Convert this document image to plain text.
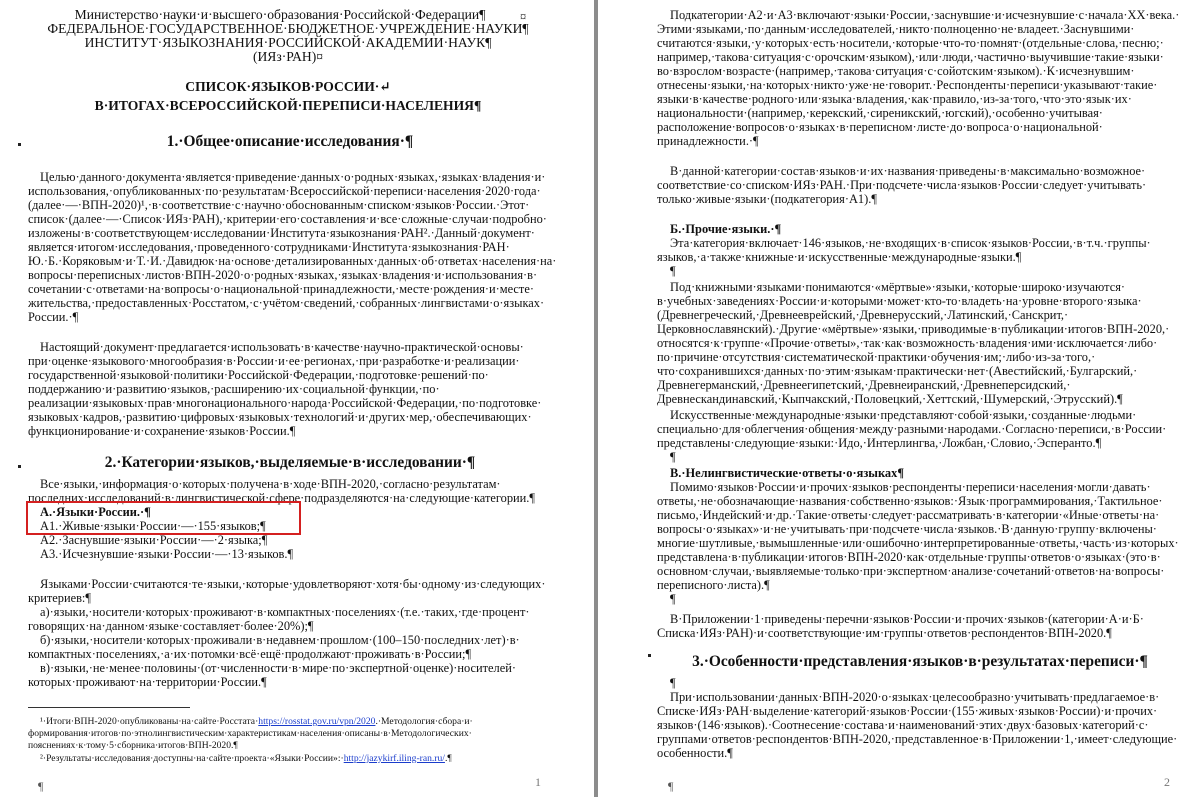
Министерство·науки·и·высшего·образования·Российской·Федерации¶	¤
ФЕДЕРАЛЬНОЕ·ГОСУДАРСТВЕННОЕ·БЮДЖЕТНОЕ·УЧРЕЖДЕНИЕ·НАУКИ¶
ИНСТИТУТ·ЯЗЫКОЗНАНИЯ·РОССИЙСКОЙ·АКАДЕМИИ·НАУК¶
(ИЯз·РАН)¤
СПИСОК·ЯЗЫКОВ·РОССИИ·↵
В·ИТОГАХ·ВСЕРОССИЙСКОЙ·ПЕРЕПИСИ·НАСЕЛЕНИЯ¶
1.·Общее·описание·исследования·¶
Целью·данного·документа·является·приведение·данных·о·родных·языках,·языках·владения·и·
использования,·опубликованных·по·результатам·Всероссийской·переписи·населения·2020·года·
(далее·—·ВПН-2020)¹,·в·соответствие·с·научно·обоснованным·списком·языков·России.·Этот·
список·(далее·—·Список·ИЯз·РАН),·критерии·его·составления·и·все·сложные·случаи·подробно·
изложены·в·соответствующем·исследовании·Института·языкознания·РАН².·Данный·документ·
является·итогом·исследования,·проведенного·сотрудниками·Института·языкознания·РАН·
Ю.·Б.·Коряковым·и·Т.·И.·Давидюк·на·основе·детализированных·данных·об·ответах·населения·на·
вопросы·переписных·листов·ВПН-2020·о·родных·языках,·языках·владения·и·использования·в·
сочетании·с·ответами·на·вопросы·о·национальной·принадлежности,·месте·рождения·и·месте·
жительства,·предоставленных·Росстатом,·с·учётом·сведений,·собранных·лингвистами·о·языках·
России.·¶
Настоящий·документ·предлагается·использовать·в·качестве·научно-практической·основы·
при·оценке·языкового·многообразия·в·России·и·ее·регионах,·при·разработке·и·реализации·
государственной·языковой·политики·Российской·Федерации,·подготовке·решений·по·
поддержанию·и·развитию·языков,·расширению·их·социальной·функции,·по·
реализации·языковых·прав·многонационального·народа·Российской·Федерации,·по·подготовке·
языковых·кадров,·развитию·цифровых·языковых·технологий·и·других·мер,·обеспечивающих·
функционирование·и·сохранение·языков·России.¶
2.·Категории·языков,·выделяемые·в·исследовании·¶
Все·языки,·информация·о·которых·получена·в·ходе·ВПН-2020,·согласно·результатам·
последних·исследований·в·лингвистической·сфере·подразделяются·на·следующие·категории.¶
А.·Языки·России.·¶
А1.·Живые·языки·России·—·155·языков;¶
А2.·Заснувшие·языки·России·—·2·языка;¶
А3.·Исчезнувшие·языки·России·—·13·языков.¶
Языками·России·считаются·те·языки,·которые·удовлетворяют·хотя·бы·одному·из·следующих·
критериев:¶
а)·языки,·носители·которых·проживают·в·компактных·поселениях·(т.е.·таких,·где·процент·
говорящих·на·данном·языке·составляет·более·20%);¶
б)·языки,·носители·которых·проживали·в·недавнем·прошлом·(100–150·последних·лет)·в·
компактных·поселениях,·а·их·потомки·всё·ещё·продолжают·проживать·в·России;¶
в)·языки,·не·менее·половины·(от·численности·в·мире·по·экспертной·оценке)·носителей·
которых·проживают·на·территории·России.¶
¹·Итоги·ВПН-2020·опубликованы·на·сайте·Росстата·https://rosstat.gov.ru/vpn/2020.·Методология·сбора·и·
формирования·итогов·по·этнолингвистическим·характеристикам·населения·описаны·в·Методологических·
пояснениях·к·тому·5·сборника·итогов·ВПН-2020.¶
²·Результаты·исследования·доступны·на·сайте·проекта·«Языки·России»:·http://jazykirf.iling-ran.ru/.¶
1
¶
Подкатегории·А2·и·А3·включают·языки·России,·заснувшие·и·исчезнувшие·с·начала·XX·века.·
Этими·языками,·по·данным·исследователей,·никто·полноценно·не·владеет.·Заснувшими·
считаются·языки,·у·которых·есть·носители,·которые·что-то·помнят·(отдельные·слова,·песню;·
например,·такова·ситуация·с·орочским·языком),·или·люди,·частично·выучившие·такие·языки·
во·взрослом·возрасте·(например,·такова·ситуация·с·сойотским·языком).·К·исчезнувшим·
отнесены·языки,·на·которых·никто·уже·не·говорит.·Респонденты·переписи·указывают·такие·
языки·в·качестве·родного·или·языка·владения,·как·правило,·из-за·того,·что·это·язык·их·
национальности·(например,·керекский,·сиреникский,·югский),·особенно·учитывая·
расположение·вопросов·о·языках·в·переписном·листе·до·вопроса·о·национальной·
принадлежности.·¶
В·данной·категории·состав·языков·и·их·названия·приведены·в·максимально·возможное·
соответствие·со·списком·ИЯз·РАН.·При·подсчете·числа·языков·России·следует·учитывать·
только·живые·языки·(подкатегория·А1).¶
Б.·Прочие·языки.·¶
Эта·категория·включает·146·языков,·не·входящих·в·список·языков·России,·в·т.ч.·группы·
языков,·а·также·книжные·и·искусственные·международные·языки.¶
¶
Под·книжными·языками·понимаются·«мёртвые»·языки,·которые·широко·изучаются·
в·учебных·заведениях·России·и·которыми·может·кто-то·владеть·на·уровне·второго·языка·
(Древнегреческий,·Древнееврейский,·Древнерусский,·Латинский,·Санскрит,·
Церковнославянский).·Другие·«мёртвые»·языки,·приводимые·в·публикации·итогов·ВПН-2020,·
относятся·к·группе·«Прочие·ответы»,·так·как·возможность·владения·ими·исключается·либо·
по·причине·отсутствия·систематической·практики·обучения·им;·либо·из-за·того,·
что·сохранившихся·данных·по·этим·языкам·практически·нет·(Авестийский,·Булгарский,·
Древнегерманский,·Древнеегипетский,·Древнеиранский,·Древнеперсидский,·
Древнескандинавский,·Кыпчакский,·Половецкий,·Хеттский,·Шумерский,·Этрусский).¶
Искусственные·международные·языки·представляют·собой·языки,·созданные·людьми·
специально·для·облегчения·общения·между·разными·народами.·Согласно·переписи,·в·России·
представлены·следующие·языки:·Идо,·Интерлингва,·Ложбан,·Словио,·Эсперанто.¶
¶
В.·Нелингвистические·ответы·о·языках¶
Помимо·языков·России·и·прочих·языков·респонденты·переписи·населения·могли·давать·
ответы,·не·обозначающие·названия·собственно·языков:·Язык·программирования,·Тактильное·
письмо,·Индейский·и·др.·Такие·ответы·следует·рассматривать·в·категории·«Иные·ответы·на·
вопросы·о·языках»·и·не·учитывать·при·подсчете·числа·языков.·В·данную·группу·включены·
многие·шутливые,·вымышленные·или·ошибочно·интерпретированные·ответы,·часть·из·которых·
представлена·в·публикации·итогов·ВПН-2020·как·отдельные·группы·ответов·о·языках·(это·в·
основном·случаи,·выявляемые·только·при·экспертном·анализе·сочетаний·ответов·на·вопросы·
переписного·листа).¶
¶
В·Приложении·1·приведены·перечни·языков·России·и·прочих·языков·(категории·А·и·Б·
Списка·ИЯз·РАН)·и·соответствующие·им·группы·ответов·респондентов·ВПН-2020.¶
3.·Особенности·представления·языков·в·результатах·переписи·¶
¶
При·использовании·данных·ВПН-2020·о·языках·целесообразно·учитывать·предлагаемое·в·
Списке·ИЯз·РАН·выделение·категорий·языков·России·(155·живых·языков·России)·и·прочих·
языков·(146·языков).·Соотнесение·состава·и·наименований·этих·двух·базовых·категорий·с·
группами·ответов·респондентов·ВПН-2020,·представленное·в·Приложении·1,·имеет·следующие·
особенности.¶
2
¶
